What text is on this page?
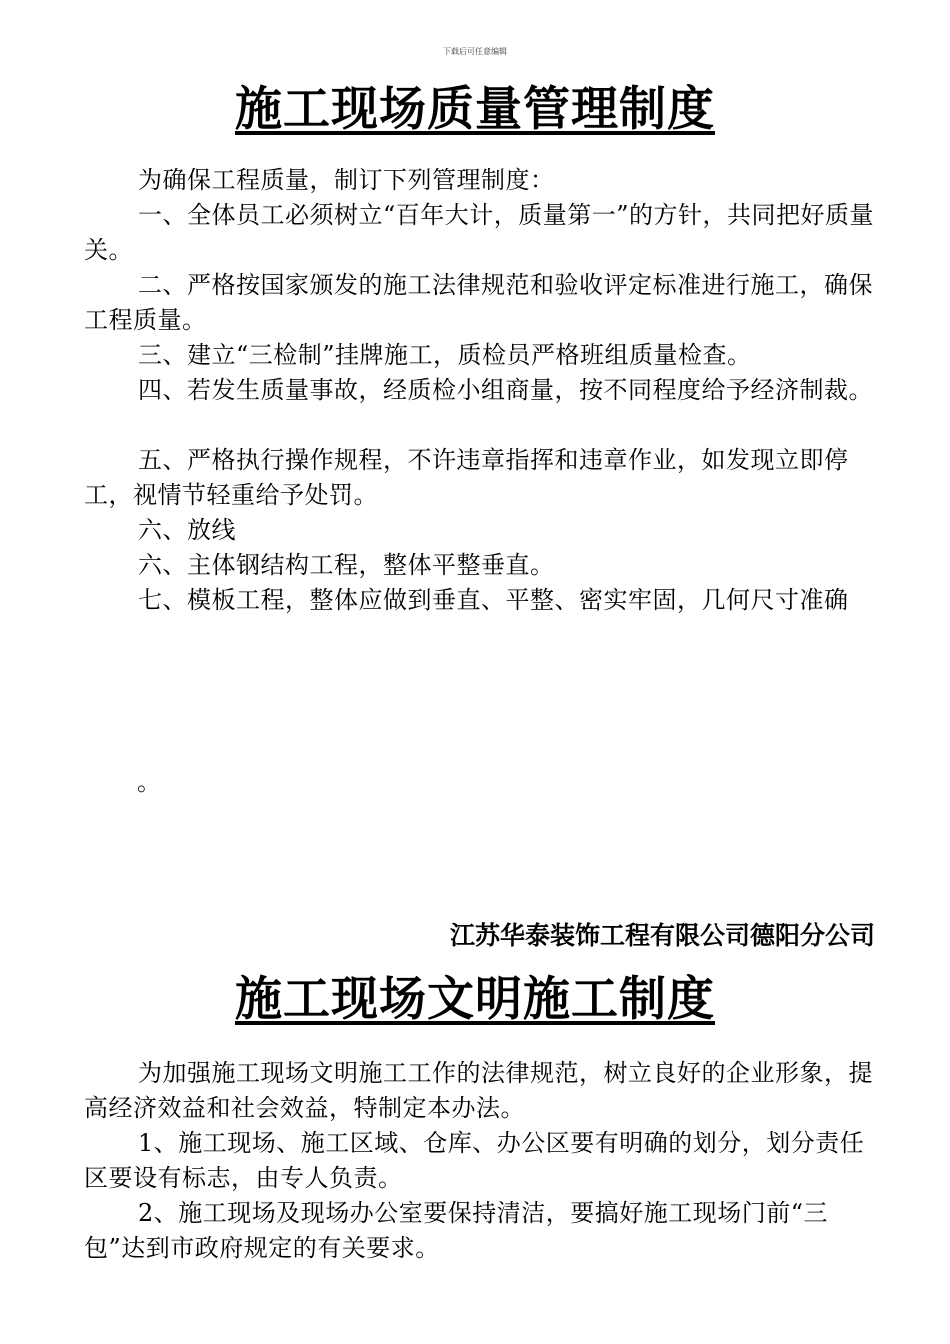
下载后可任意编辑
施工现场质量管理制度
为确保工程质量，制订下列管理制度：
一、全体员工必须树立“百年大计，质量第一”的方针，共同把好质量关。
二、严格按国家颁发的施工法律规范和验收评定标准进行施工，确保工程质量。
三、建立“三检制”挂牌施工，质检员严格班组质量检查。
四、若发生质量事故，经质检小组商量，按不同程度给予经济制裁。
五、严格执行操作规程，不许违章指挥和违章作业，如发现立即停工，视情节轻重给予处罚。
六、放线
六、主体钢结构工程，整体平整垂直。
七、模板工程，整体应做到垂直、平整、密实牢固，几何尺寸准确
。
江苏华泰装饰工程有限公司德阳分公司
施工现场文明施工制度
为加强施工现场文明施工工作的法律规范，树立良好的企业形象，提高经济效益和社会效益，特制定本办法。
1、施工现场、施工区域、仓库、办公区要有明确的划分，划分责任区要设有标志，由专人负责。
2、施工现场及现场办公室要保持清洁，要搞好施工现场门前“三包”达到市政府规定的有关要求。
